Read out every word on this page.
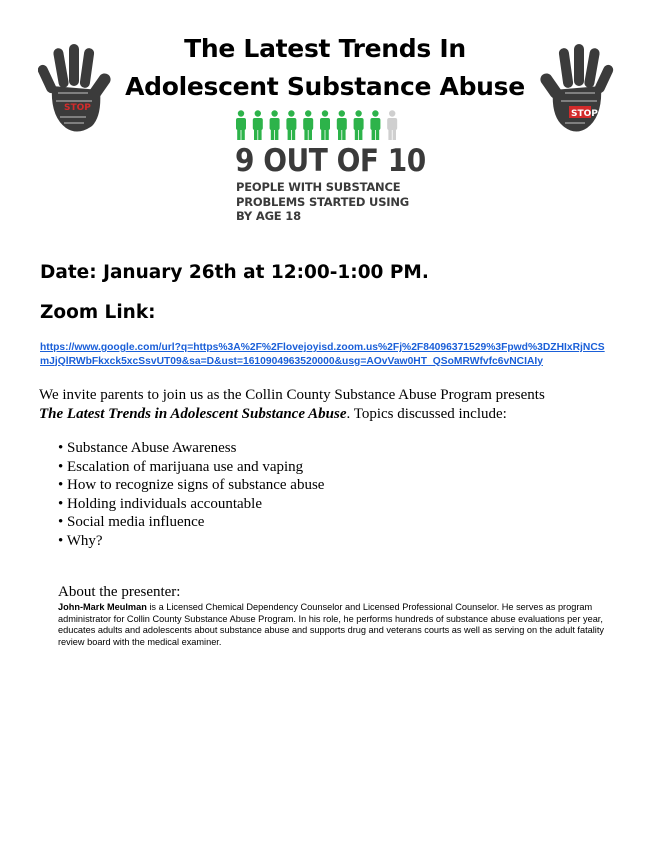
The Latest Trends In
Adolescent Substance Abuse
STOP
STOP
9 OUT OF 10
PEOPLE WITH SUBSTANCE
PROBLEMS STARTED USING
BY AGE 18
Date: January 26th at 12:00-1:00 PM.
Zoom Link:
https://www.google.com/url?q=https%3A%2F%2Flovejoyisd.zoom.us%2Fj%2F84096371529%3Fpwd%3DZHIxRjNCSmJjQlRWbFkxck5xcSsvUT09&sa=D&ust=1610904963520000&usg=AOvVaw0HT_QSoMRWfvfc6vNCIAIy
We invite parents to join us as the Collin County Substance Abuse Program presents
The Latest Trends in Adolescent Substance Abuse. Topics discussed include:
• Substance Abuse Awareness
• Escalation of marijuana use and vaping
• How to recognize signs of substance abuse
• Holding individuals accountable
• Social media influence
• Why?
About the presenter:
John-Mark Meulman is a Licensed Chemical Dependency Counselor and Licensed Professional Counselor. He serves as program administrator for Collin County Substance Abuse Program. In his role, he performs hundreds of substance abuse evaluations per year, educates adults and adolescents about substance abuse and supports drug and veterans courts as well as serving on the adult fatality review board with the medical examiner.
